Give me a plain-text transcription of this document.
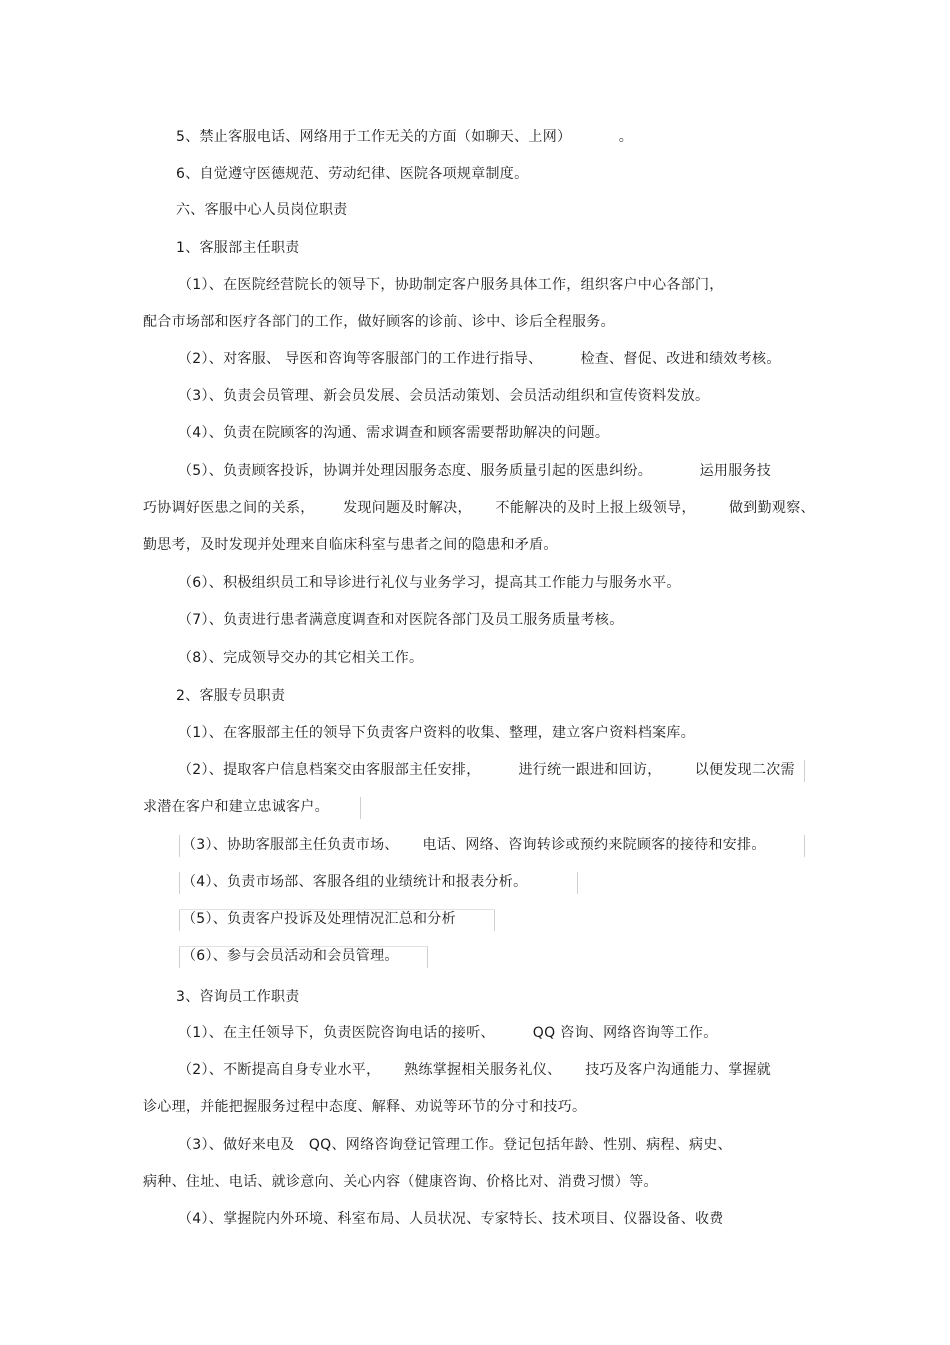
5、禁止客服电话、网络用于工作无关的方面（如聊天、上网）          。

6、自觉遵守医德规范、劳动纪律、医院各项规章制度。

六、客服中心人员岗位职责

1、客服部主任职责

（1）、在医院经营院长的领导下，协助制定客户服务具体工作，组织客户中心各部门，

配合市场部和医疗各部门的工作，做好顾客的诊前、诊中、诊后全程服务。

（2）、对客服、 导医和咨询等客服部门的工作进行指导、        检查、督促、改进和绩效考核。

（3）、负责会员管理、新会员发展、会员活动策划、会员活动组织和宣传资料发放。

（4）、负责在院顾客的沟通、需求调查和顾客需要帮助解决的问题。

（5）、负责顾客投诉，协调并处理因服务态度、服务质量引起的医患纠纷。          运用服务技

巧协调好医患之间的关系，      发现问题及时解决，     不能解决的及时上报上级领导，       做到勤观察、

勤思考，及时发现并处理来自临床科室与患者之间的隐患和矛盾。

（6）、积极组织员工和导诊进行礼仪与业务学习，提高其工作能力与服务水平。

（7）、负责进行患者满意度调查和对医院各部门及员工服务质量考核。

（8）、完成领导交办的其它相关工作。

2、客服专员职责

（1）、在客服部主任的领导下负责客户资料的收集、整理，建立客户资料档案库。

（2）、提取客户信息档案交由客服部主任安排，        进行统一跟进和回访，       以便发现二次需

求潜在客户和建立忠诚客户。

（3）、协助客服部主任负责市场、     电话、网络、咨询转诊或预约来院顾客的接待和安排。

（4）、负责市场部、客服各组的业绩统计和报表分析。

（5）、负责客户投诉及处理情况汇总和分析

（6）、参与会员活动和会员管理。

3、咨询员工作职责

（1）、在主任领导下，负责医院咨询电话的接听、        QQ 咨询、网络咨询等工作。

（2）、不断提高自身专业水平，     熟练掌握相关服务礼仪、     技巧及客户沟通能力、掌握就

诊心理，并能把握服务过程中态度、解释、劝说等环节的分寸和技巧。

（3）、做好来电及   QQ、网络咨询登记管理工作。登记包括年龄、性别、病程、病史、

病种、住址、电话、就诊意向、关心内容（健康咨询、价格比对、消费习惯）等。

（4）、掌握院内外环境、科室布局、人员状况、专家特长、技术项目、仪器设备、收费
